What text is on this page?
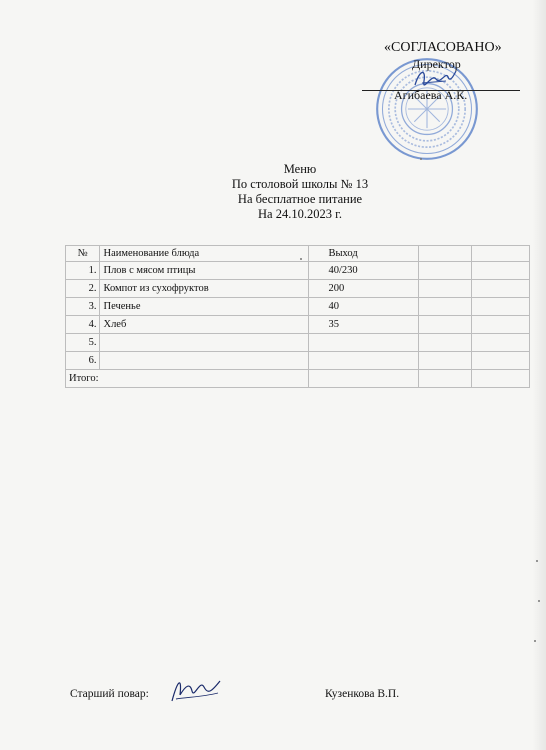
«СОГЛАСОВАНО»
Директор
Агибаева А.К.
Меню
По столовой школы № 13
На бесплатное питание
На 24.10.2023 г.
№	Наименование блюда	Выход		
1.	Плов с мясом птицы	40/230		
2.	Компот из сухофруктов	200		
3.	Печенье	40		
4.	Хлеб	35		
5.				
6.				
Итого:				
Старший повар:	Кузенкова В.П.
